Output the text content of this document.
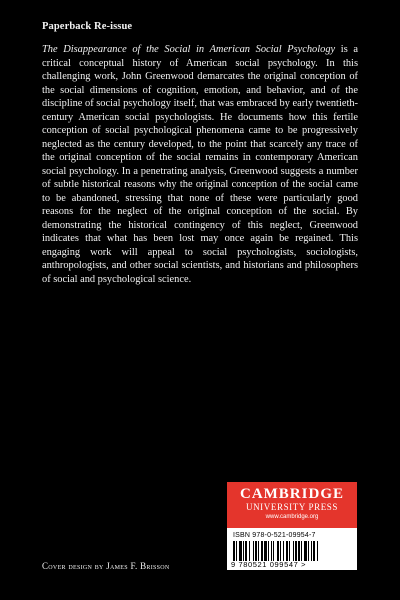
Paperback Re-issue
The Disappearance of the Social in American Social Psychology is a critical conceptual history of American social psychology. In this challenging work, John Greenwood demarcates the original conception of the social dimensions of cognition, emotion, and behavior, and of the discipline of social psychology itself, that was embraced by early twentieth-century American social psychologists. He documents how this fertile conception of social psychological phenomena came to be progressively neglected as the century developed, to the point that scarcely any trace of the original conception of the social remains in contemporary American social psychology. In a penetrating analysis, Greenwood suggests a number of subtle historical reasons why the original conception of the social came to be abandoned, stressing that none of these were particularly good reasons for the neglect of the original conception of the social. By demonstrating the historical contingency of this neglect, Greenwood indicates that what has been lost may once again be regained. This engaging work will appeal to social psychologists, sociologists, anthropologists, and other social scientists, and historians and philosophers of social and psychological science.
CAMBRIDGE
UNIVERSITY PRESS
www.cambridge.org
ISBN 978-0-521-09954-7
9 780521 099547 >
Cover design by James F. Brisson
